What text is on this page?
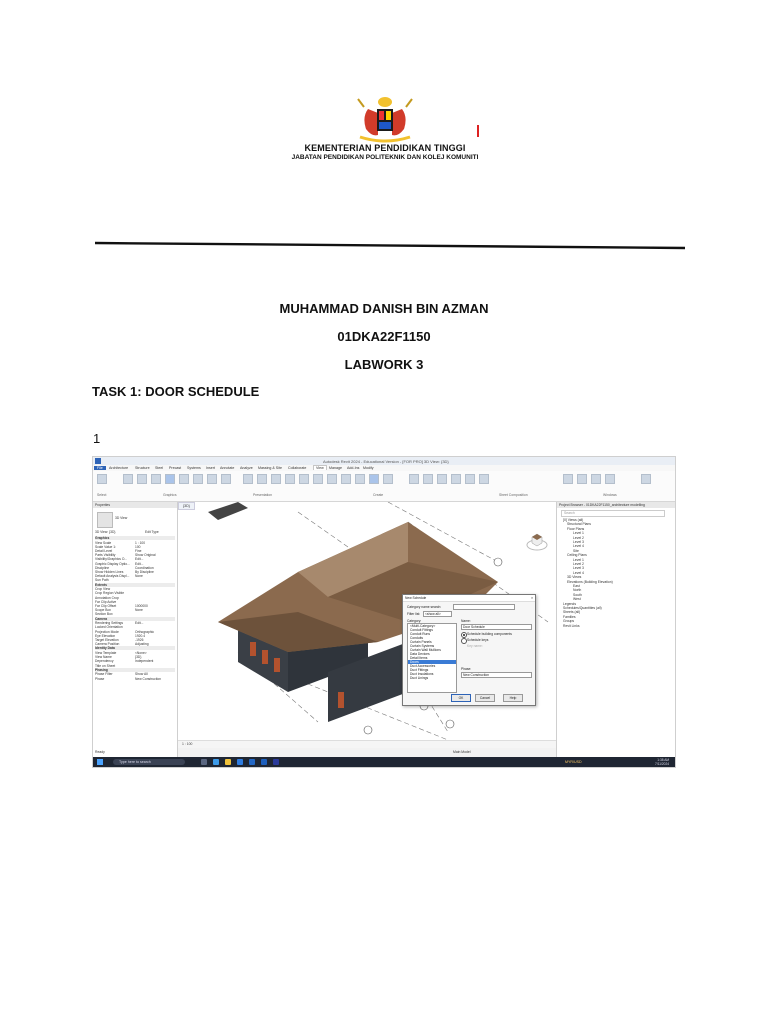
KEMENTERIAN PENDIDIKAN TINGGI
JABATAN PENDIDIKAN POLITEKNIK DAN KOLEJ KOMUNITI
MUHAMMAD DANISH BIN AZMAN
01DKA22F1150
LABWORK 3
TASK 1: DOOR SCHEDULE
1
Autodesk Revit 2024 - Educational Version - [FOR PRO] 3D View: {3D}
File	Architecture Structure Steel Precast Systems Insert Annotate Analyze Massing & Site Collaborate	View	Manage Add-Ins Modify
Select	Graphics	Presentation	Create	Sheet Composition	Windows
Properties
3D View
3D View: {3D}	Edit Type
Graphics
View Scale	1 : 100
Scale Value 1:	100
Detail Level	Fine
Parts Visibility	Show Original
Visibility/Graphics O... Edit...
Graphic Display Optio... Edit...
Discipline	Coordination
Show Hidden Lines	By Discipline
Default Analysis Displ... None
Sun Path
Extents
Crop View
Crop Region Visible
Annotation Crop
Far Clip Active
Far Clip Offset	1000000
Scope Box	None
Section Box
Camera
Rendering Settings	Edit...
Locked Orientation
Projection Mode	Orthographic
Eye Elevation	1920.4
Target Elevation	-1926
Camera Position	Adjusting
Identity Data
View Template	<None>
View Name	{3D}
Dependency	Independent
Title on Sheet
Phasing
Phase Filter	Show All
Phase	New Construction
{3D}
New Schedule	×
Category name search:
Filter list:	<show all>
Category:
<Multi-Category>
Conduit Fittings
Conduit Runs
Conduits
Curtain Panels
Curtain Systems
Curtain Wall Mullions
Data Devices
Detail Items
Doors
Duct Accessories
Duct Fittings
Duct Insulations
Duct Linings
Name:
Door Schedule
Schedule building components
Schedule keys
Key name:
Phase:
New Construction
OK	Cancel	Help
1 : 100
Project Browser - 01DKA22F1150_architecture modelling
Search
[0] Views (all)
Structural Plans
Floor Plans
Level 1
Level 2
Level 3
Level 4
Site
Ceiling Plans
Level 1
Level 2
Level 3
Level 4
3D Views
Elevations (Building Elevation)
East
North
South
West
Legends
Schedules/Quantities (all)
Sheets (all)
Families
Groups
Revit Links
Ready	Main Model
Type here to search	MYR/USD	1:38 AM
7/11/2024
